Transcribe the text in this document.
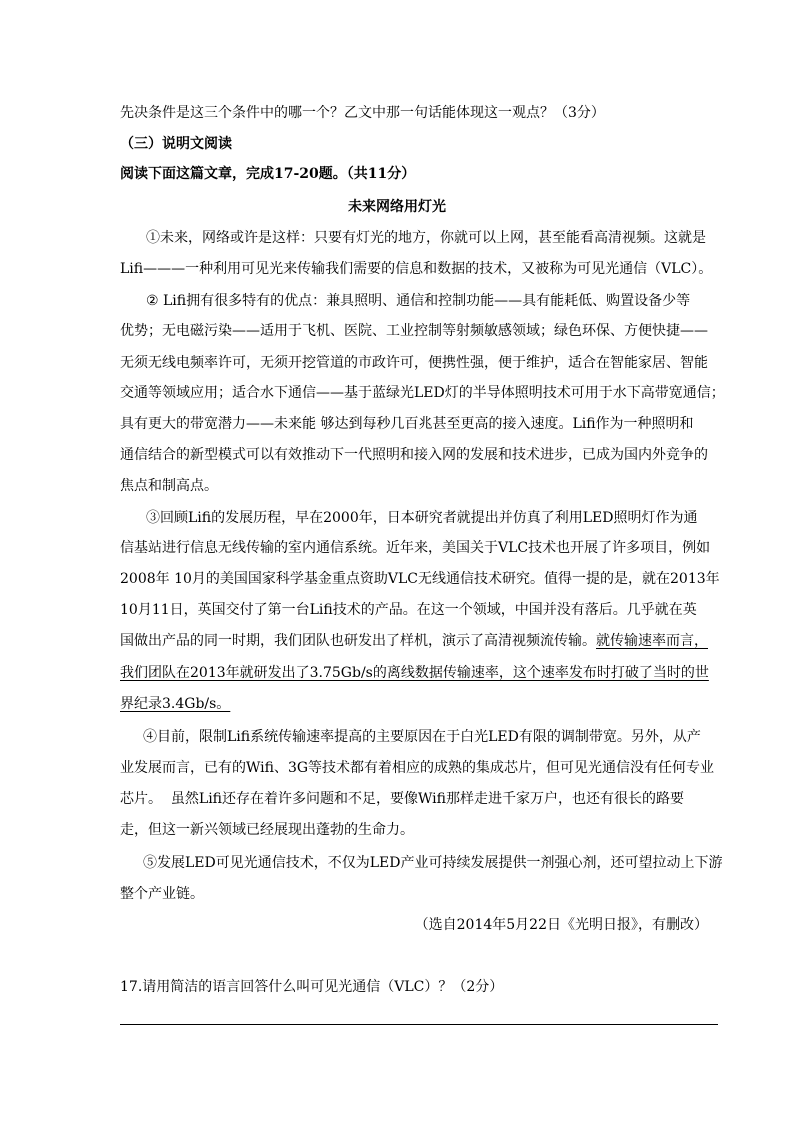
先决条件是这三个条件中的哪一个？乙文中那一句话能体现这一观点？（3分）
（三）说明文阅读
阅读下面这篇文章，完成17-20题。（共11分）
未来网络用灯光
①未来，网络或许是这样：只要有灯光的地方，你就可以上网，甚至能看高清视频。这就是
Lifi———一种利用可见光来传输我们需要的信息和数据的技术，又被称为可见光通信（VLC）。
② Lifi拥有很多特有的优点：兼具照明、通信和控制功能——具有能耗低、购置设备少等
优势；无电磁污染——适用于飞机、医院、工业控制等射频敏感领域；绿色环保、方便快捷——
无须无线电频率许可，无须开挖管道的市政许可，便携性强，便于维护，适合在智能家居、智能
交通等领域应用；适合水下通信——基于蓝绿光LED灯的半导体照明技术可用于水下高带宽通信；
具有更大的带宽潜力——未来能 够达到每秒几百兆甚至更高的接入速度。Lifi作为一种照明和
通信结合的新型模式可以有效推动下一代照明和接入网的发展和技术进步，已成为国内外竞争的
焦点和制高点。
③回顾Lifi的发展历程，早在2000年，日本研究者就提出并仿真了利用LED照明灯作为通
信基站进行信息无线传输的室内通信系统。近年来，美国关于VLC技术也开展了许多项目，例如
2008年 10月的美国国家科学基金重点资助VLC无线通信技术研究。值得一提的是，就在2013年
10月11日，英国交付了第一台Lifi技术的产品。在这一个领域，中国并没有落后。几乎就在英
国做出产品的同一时期，我们团队也研发出了样机，演示了高清视频流传输。就传输速率而言，
我们团队在2013年就研发出了3.75Gb/s的离线数据传输速率，这个速率发布时打破了当时的世
界纪录3.4Gb/s。
④目前，限制Lifi系统传输速率提高的主要原因在于白光LED有限的调制带宽。另外，从产
业发展而言，已有的Wifi、3G等技术都有着相应的成熟的集成芯片，但可见光通信没有任何专业
芯片。  虽然Lifi还存在着许多问题和不足，要像Wifi那样走进千家万户，也还有很长的路要
走，但这一新兴领域已经展现出蓬勃的生命力。
⑤发展LED可见光通信技术，不仅为LED产业可持续发展提供一剂强心剂，还可望拉动上下游
整个产业链。
（选自2014年5月22日《光明日报》，有删改）
17.请用简洁的语言回答什么叫可见光通信（VLC）？（2分）
